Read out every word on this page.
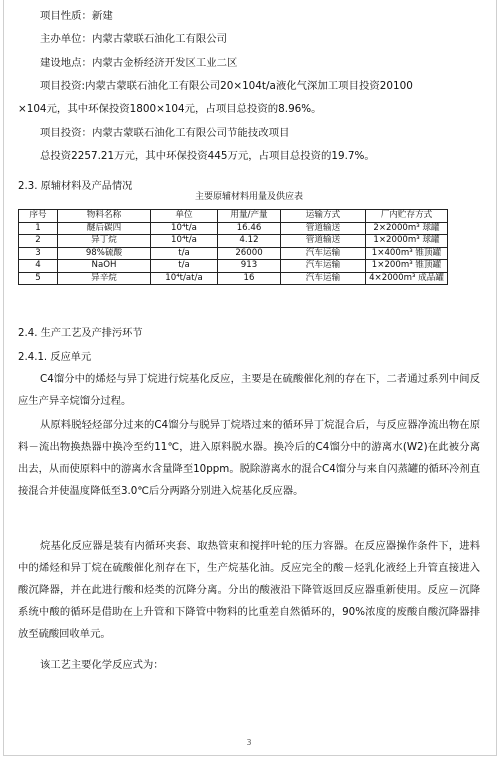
项目性质：新建
主办单位：内蒙古蒙联石油化工有限公司
建设地点：内蒙古金桥经济开发区工业二区
项目投资:内蒙古蒙联石油化工有限公司20×104t/a液化气深加工项目投资20100
×104元，其中环保投资1800×104元，占项目总投资的8.96%。
项目投资：内蒙古蒙联石油化工有限公司节能技改项目
总投资2257.21万元，其中环保投资445万元，占项目总投资的19.7%。
2.3. 原辅材料及产品情况
主要原辅材料用量及供应表
序号	物料名称	单位	用量/产量	运输方式	厂内贮存方式
1	醚后碳四	10⁴t/a	16.46	管道输送	2×2000m³ 球罐
2	异丁烷	10⁴t/a	4.12	管道输送	1×2000m³ 球罐
3	98%硫酸	t/a	26000	汽车运输	1×400m³ 锥顶罐
4	NaOH	t/a	913	汽车运输	1×200m³ 锥顶罐
5	异辛烷	10⁴t/at/a	16	汽车运输	4×2000m³ 成品罐
2.4. 生产工艺及产排污环节
2.4.1. 反应单元
C4馏分中的烯烃与异丁烷进行烷基化反应，主要是在硫酸催化剂的存在下，二者通过系列中间反应生产异辛烷馏分过程。
从原料脱轻烃部分过来的C4馏分与脱异丁烷塔过来的循环异丁烷混合后，与反应器净流出物在原料－流出物换热器中换冷至约11℃，进入原料脱水器。换冷后的C4馏分中的游离水(W2)在此被分离出去，从而使原料中的游离水含量降至10ppm。脱除游离水的混合C4馏分与来自闪蒸罐的循环冷剂直接混合并使温度降低至3.0℃后分两路分别进入烷基化反应器。
烷基化反应器是装有内循环夹套、取热管束和搅拌叶轮的压力容器。在反应器操作条件下，进料中的烯烃和异丁烷在硫酸催化剂存在下，生产烷基化油。反应完全的酸－烃乳化液经上升管直接进入酸沉降器，并在此进行酸和烃类的沉降分离。分出的酸液沿下降管返回反应器重新使用。反应－沉降系统中酸的循环是借助在上升管和下降管中物料的比重差自然循环的，90%浓度的废酸自酸沉降器排放至硫酸回收单元。
该工艺主要化学反应式为：
3
